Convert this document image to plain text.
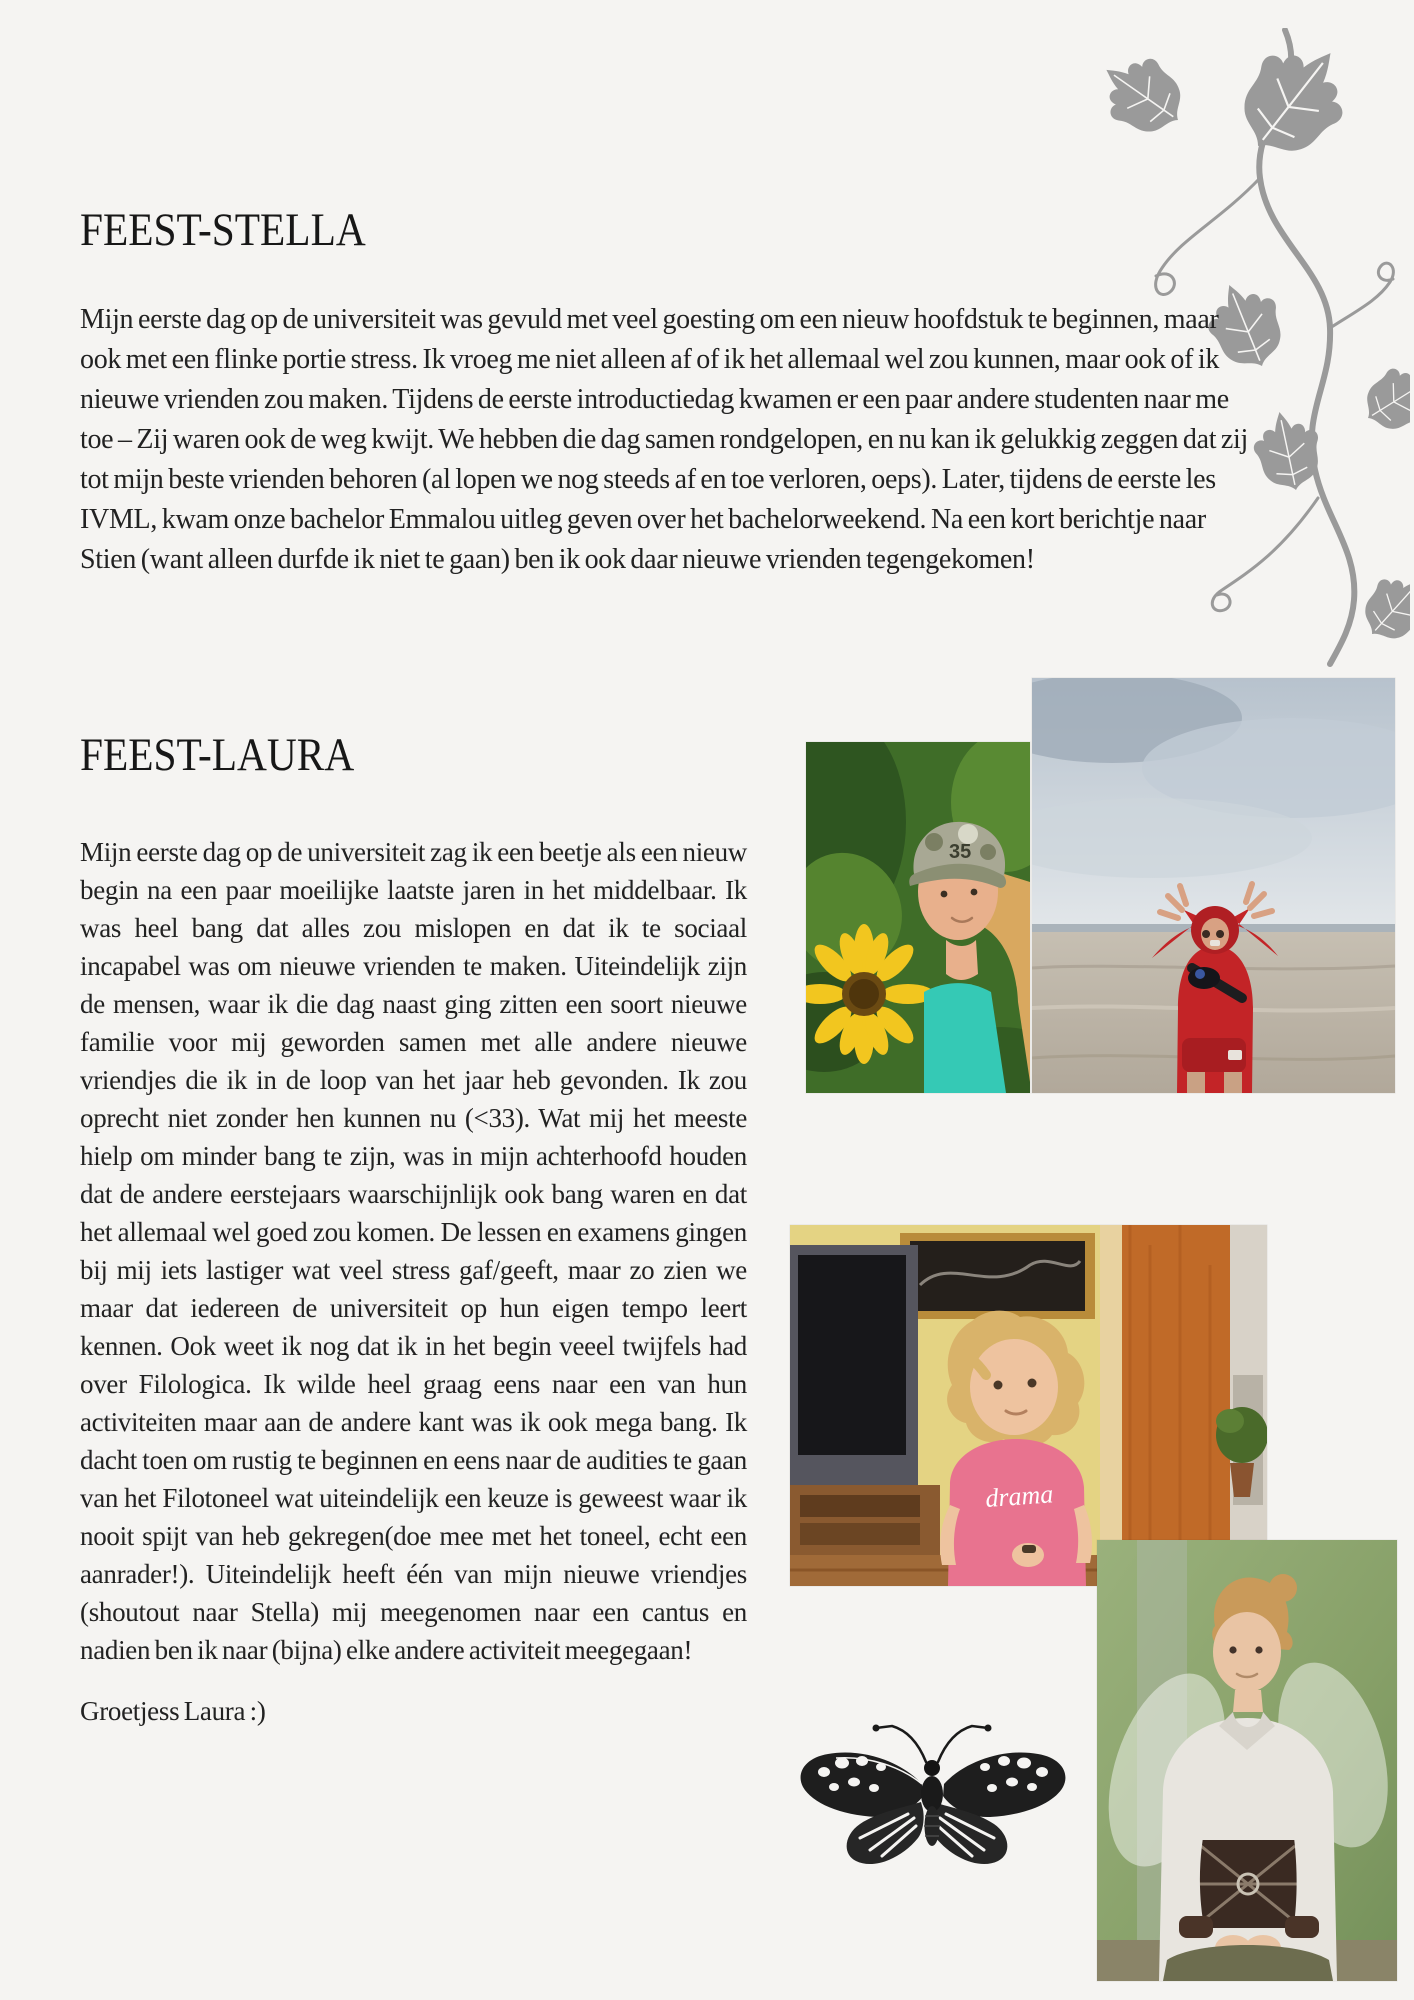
FEEST-STELLA
Mijn eerste dag op de universiteit was gevuld met veel goesting om een nieuw hoofdstuk te beginnen, maar ook met een flinke portie stress. Ik vroeg me niet alleen af of ik het allemaal wel zou kunnen, maar ook of ik nieuwe vrienden zou maken. Tijdens de eerste introductiedag kwamen er een paar andere studenten naar me toe – Zij waren ook de weg kwijt. We hebben die dag samen rondgelopen, en nu kan ik gelukkig zeggen dat zij tot mijn beste vrienden behoren (al lopen we nog steeds af en toe verloren, oeps). Later, tijdens de eerste les IVML, kwam onze bachelor Emmalou uitleg geven over het bachelorweekend. Na een kort berichtje naar Stien (want alleen durfde ik niet te gaan) ben ik ook daar nieuwe vrienden tegengekomen!
FEEST-LAURA
Mijn eerste dag op de universiteit zag ik een beetje als een nieuw begin na een paar moeilijke laatste jaren in het middelbaar. Ik was heel bang dat alles zou mislopen en dat ik te sociaal incapabel was om nieuwe vrienden te maken. Uiteindelijk zijn de mensen, waar ik die dag naast ging zitten een soort nieuwe familie voor mij geworden samen met alle andere nieuwe vriendjes die ik in de loop van het jaar heb gevonden. Ik zou oprecht niet zonder hen kunnen nu (<33). Wat mij het meeste hielp om minder bang te zijn, was in mijn achterhoofd houden dat de andere eerstejaars waarschijnlijk ook bang waren en dat het allemaal wel goed zou komen. De lessen en examens gingen bij mij iets lastiger wat veel stress gaf/geeft, maar zo zien we maar dat iedereen de universiteit op hun eigen tempo leert kennen. Ook weet ik nog dat ik in het begin veeel twijfels had over Filologica. Ik wilde heel graag eens naar een van hun activiteiten maar aan de andere kant was ik ook mega bang. Ik dacht toen om rustig te beginnen en eens naar de audities te gaan van het Filotoneel wat uiteindelijk een keuze is geweest waar ik nooit spijt van heb gekregen(doe mee met het toneel, echt een aanrader!). Uiteindelijk heeft één van mijn nieuwe vriendjes (shoutout naar Stella) mij meegenomen naar een cantus en nadien ben ik naar (bijna) elke andere activiteit meegegaan!
Groetjess Laura :)
35
drama
